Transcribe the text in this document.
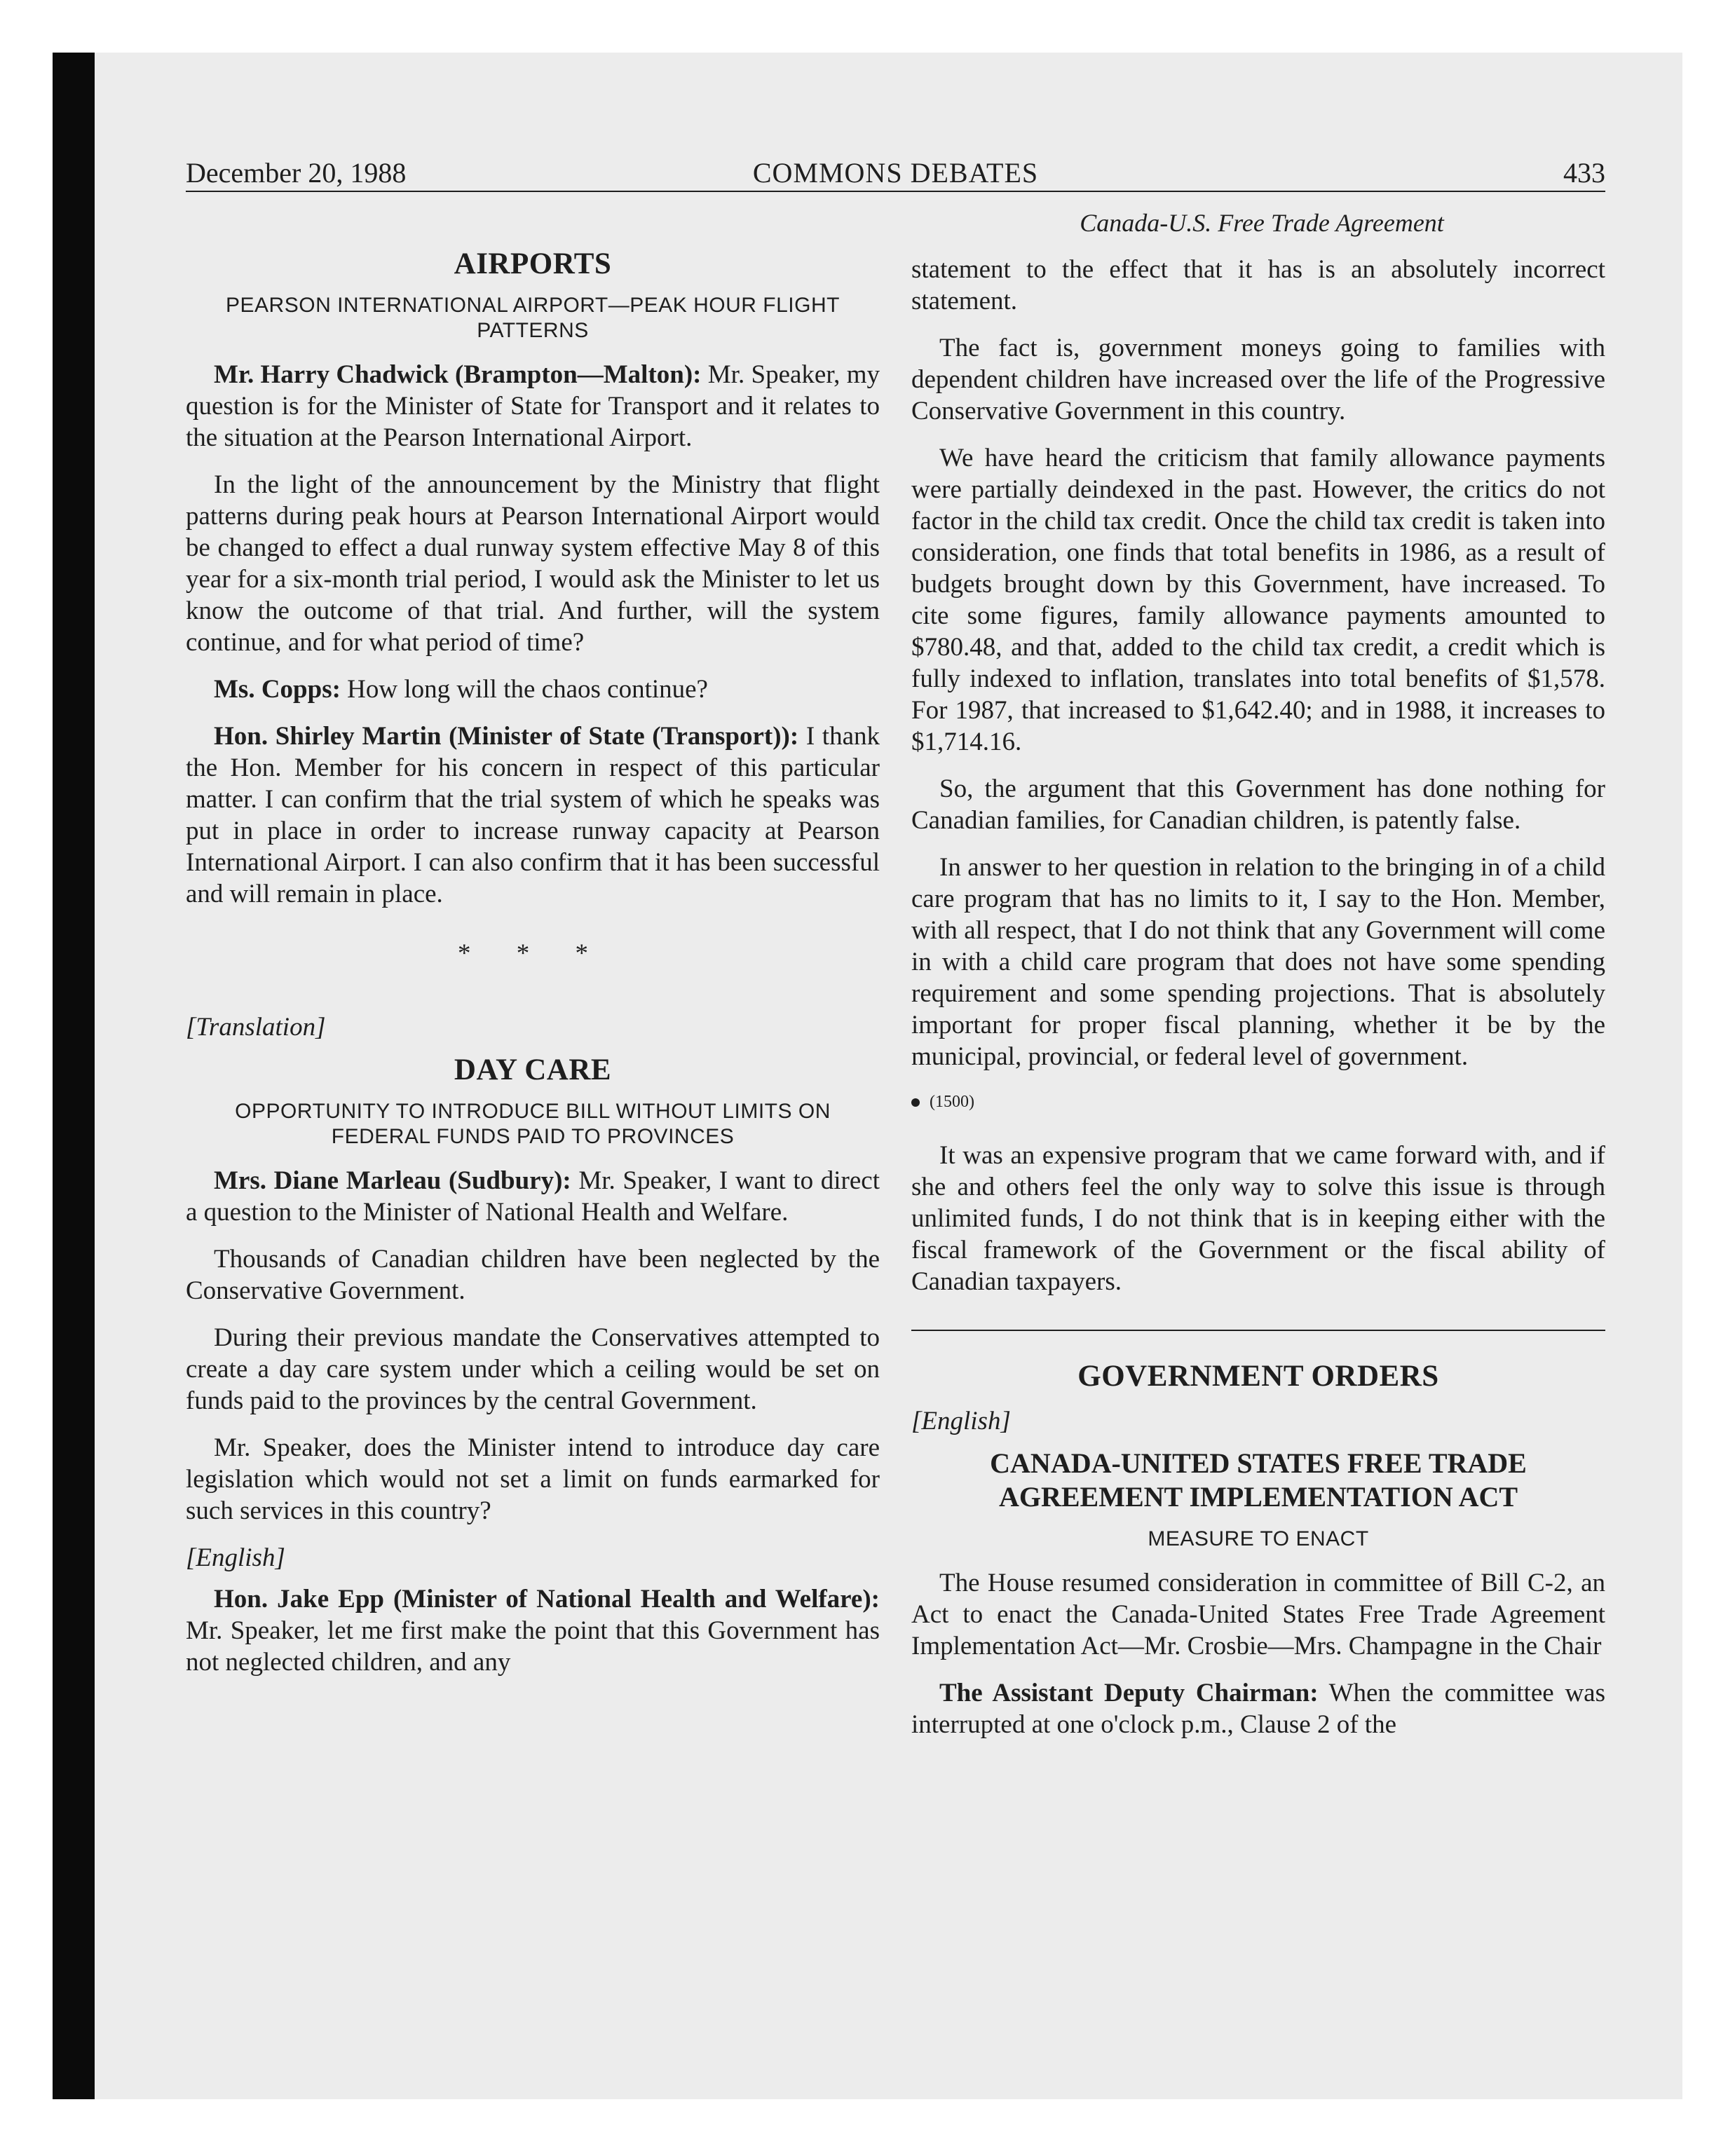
December 20, 1988	COMMONS DEBATES	433
Canada-U.S. Free Trade Agreement
AIRPORTS
PEARSON INTERNATIONAL AIRPORT—PEAK HOUR FLIGHT PATTERNS

Mr. Harry Chadwick (Brampton—Malton): Mr. Speaker, my question is for the Minister of State for Transport and it relates to the situation at the Pearson International Airport.

In the light of the announcement by the Ministry that flight patterns during peak hours at Pearson International Airport would be changed to effect a dual runway system effective May 8 of this year for a six-month trial period, I would ask the Minister to let us know the outcome of that trial. And further, will the system continue, and for what period of time?

Ms. Copps: How long will the chaos continue?

Hon. Shirley Martin (Minister of State (Transport)): I thank the Hon. Member for his concern in respect of this particular matter. I can confirm that the trial system of which he speaks was put in place in order to increase runway capacity at Pearson International Airport. I can also confirm that it has been successful and will remain in place.

* * *
[Translation]
DAY CARE
OPPORTUNITY TO INTRODUCE BILL WITHOUT LIMITS ON FEDERAL FUNDS PAID TO PROVINCES

Mrs. Diane Marleau (Sudbury): Mr. Speaker, I want to direct a question to the Minister of National Health and Welfare.

Thousands of Canadian children have been neglected by the Conservative Government.

During their previous mandate the Conservatives attempted to create a day care system under which a ceiling would be set on funds paid to the provinces by the central Government.

Mr. Speaker, does the Minister intend to introduce day care legislation which would not set a limit on funds earmarked for such services in this country?

[English]

Hon. Jake Epp (Minister of National Health and Welfare): Mr. Speaker, let me first make the point that this Government has not neglected children, and any

statement to the effect that it has is an absolutely incorrect statement.

The fact is, government moneys going to families with dependent children have increased over the life of the Progressive Conservative Government in this country.

We have heard the criticism that family allowance payments were partially deindexed in the past. However, the critics do not factor in the child tax credit. Once the child tax credit is taken into consideration, one finds that total benefits in 1986, as a result of budgets brought down by this Government, have increased. To cite some figures, family allowance payments amounted to $780.48, and that, added to the child tax credit, a credit which is fully indexed to inflation, translates into total benefits of $1,578. For 1987, that increased to $1,642.40; and in 1988, it increases to $1,714.16.

So, the argument that this Government has done nothing for Canadian families, for Canadian children, is patently false.

In answer to her question in relation to the bringing in of a child care program that has no limits to it, I say to the Hon. Member, with all respect, that I do not think that any Government will come in with a child care program that does not have some spending requirement and some spending projections. That is absolutely important for proper fiscal planning, whether it be by the municipal, provincial, or federal level of government.

(1500)

It was an expensive program that we came forward with, and if she and others feel the only way to solve this issue is through unlimited funds, I do not think that is in keeping either with the fiscal framework of the Government or the fiscal ability of Canadian taxpayers.

GOVERNMENT ORDERS
[English]
CANADA-UNITED STATES FREE TRADE AGREEMENT IMPLEMENTATION ACT
MEASURE TO ENACT

The House resumed consideration in committee of Bill C-2, an Act to enact the Canada-United States Free Trade Agreement Implementation Act—Mr. Crosbie—Mrs. Champagne in the Chair

The Assistant Deputy Chairman: When the committee was interrupted at one o'clock p.m., Clause 2 of the
